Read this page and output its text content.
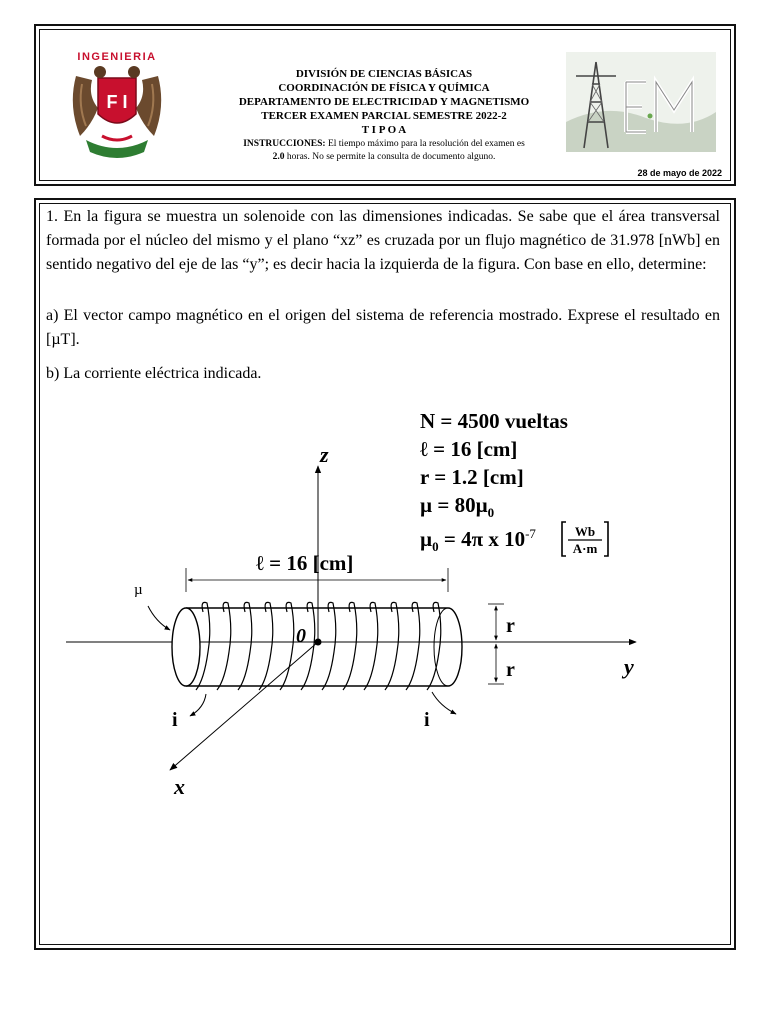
INGENIERIA
F I
DIVISIÓN DE CIENCIAS BÁSICAS
COORDINACIÓN DE FÍSICA Y QUÍMICA
DEPARTAMENTO DE ELECTRICIDAD Y MAGNETISMO
TERCER EXAMEN PARCIAL SEMESTRE 2022-2
T I P O A
INSTRUCCIONES: El tiempo máximo para la resolución del examen es
2.0 horas. No se permite la consulta de documento alguno.
28 de mayo de 2022
1. En la figura se muestra un solenoide con las dimensiones indicadas. Se sabe que el área transversal formada por el núcleo del mismo y el plano “xz” es cruzada por un flujo magnético de 31.978 [nWb] en sentido negativo del eje de las “y”; es decir hacia la izquierda de la figura. Con base en ello, determine:
a) El vector campo magnético en el origen del sistema de referencia mostrado. Exprese el resultado en [µT].
b) La corriente eléctrica indicada.
N = 4500 vueltas
ℓ = 16 [cm]
r = 1.2 [cm]
µ = 80µ$_0$
µ$_0$ = 4π x $10^{-7}$	Wb
A·m
z
y
x
ℓ = 16 [cm]
0
µ
r
r
i	i
